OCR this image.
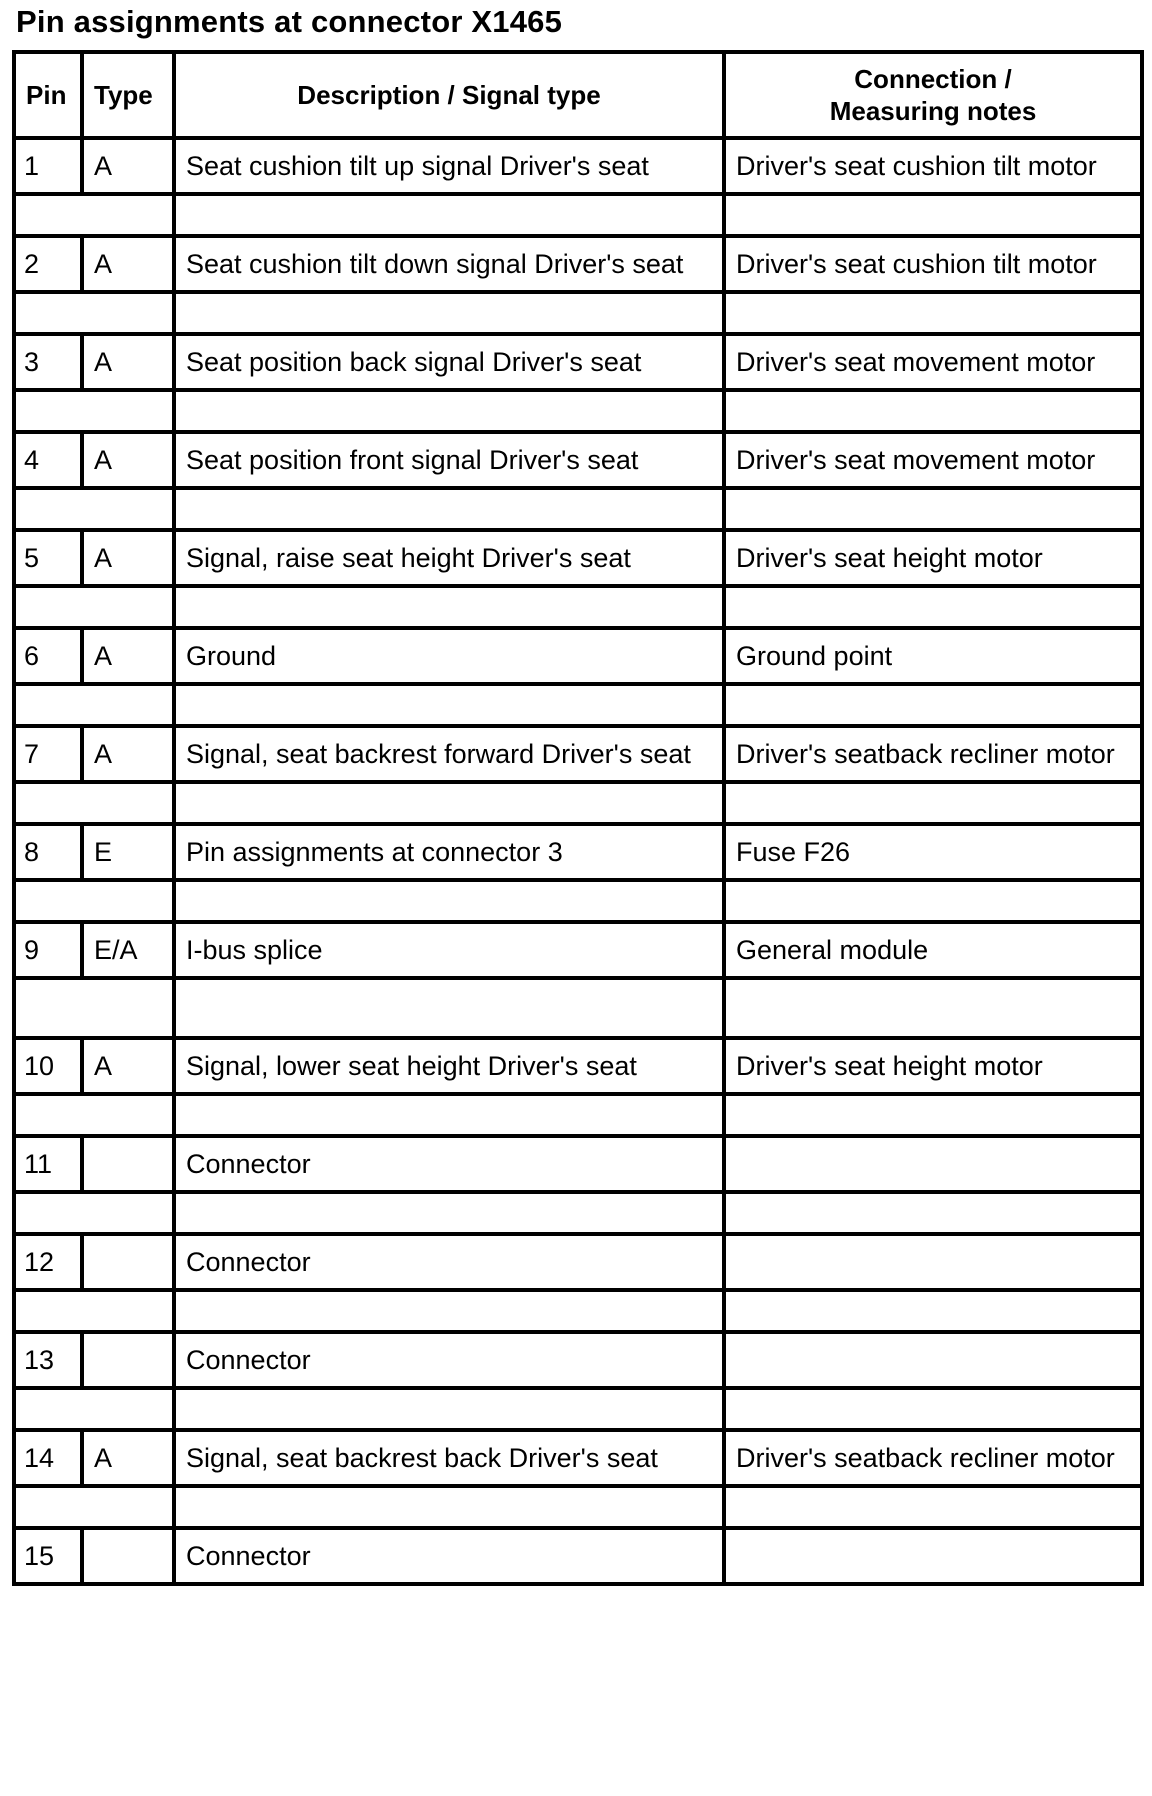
Pin assignments at connector X1465
Pin	Type	Description / Signal type	Connection /
Measuring notes
1	A	Seat cushion tilt up signal Driver's seat	Driver's seat cushion tilt motor

2	A	Seat cushion tilt down signal Driver's seat	Driver's seat cushion tilt motor

3	A	Seat position back signal Driver's seat	Driver's seat movement motor

4	A	Seat position front signal Driver's seat	Driver's seat movement motor

5	A	Signal, raise seat height Driver's seat	Driver's seat height motor

6	A	Ground	Ground point

7	A	Signal, seat backrest forward Driver's seat	Driver's seatback recliner motor

8	E	Pin assignments at connector 3	Fuse F26

9	E/A	I-bus splice	General module

10	A	Signal, lower seat height Driver's seat	Driver's seat height motor

11		Connector	

12		Connector	

13		Connector	

14	A	Signal, seat backrest back Driver's seat	Driver's seatback recliner motor

15		Connector	
